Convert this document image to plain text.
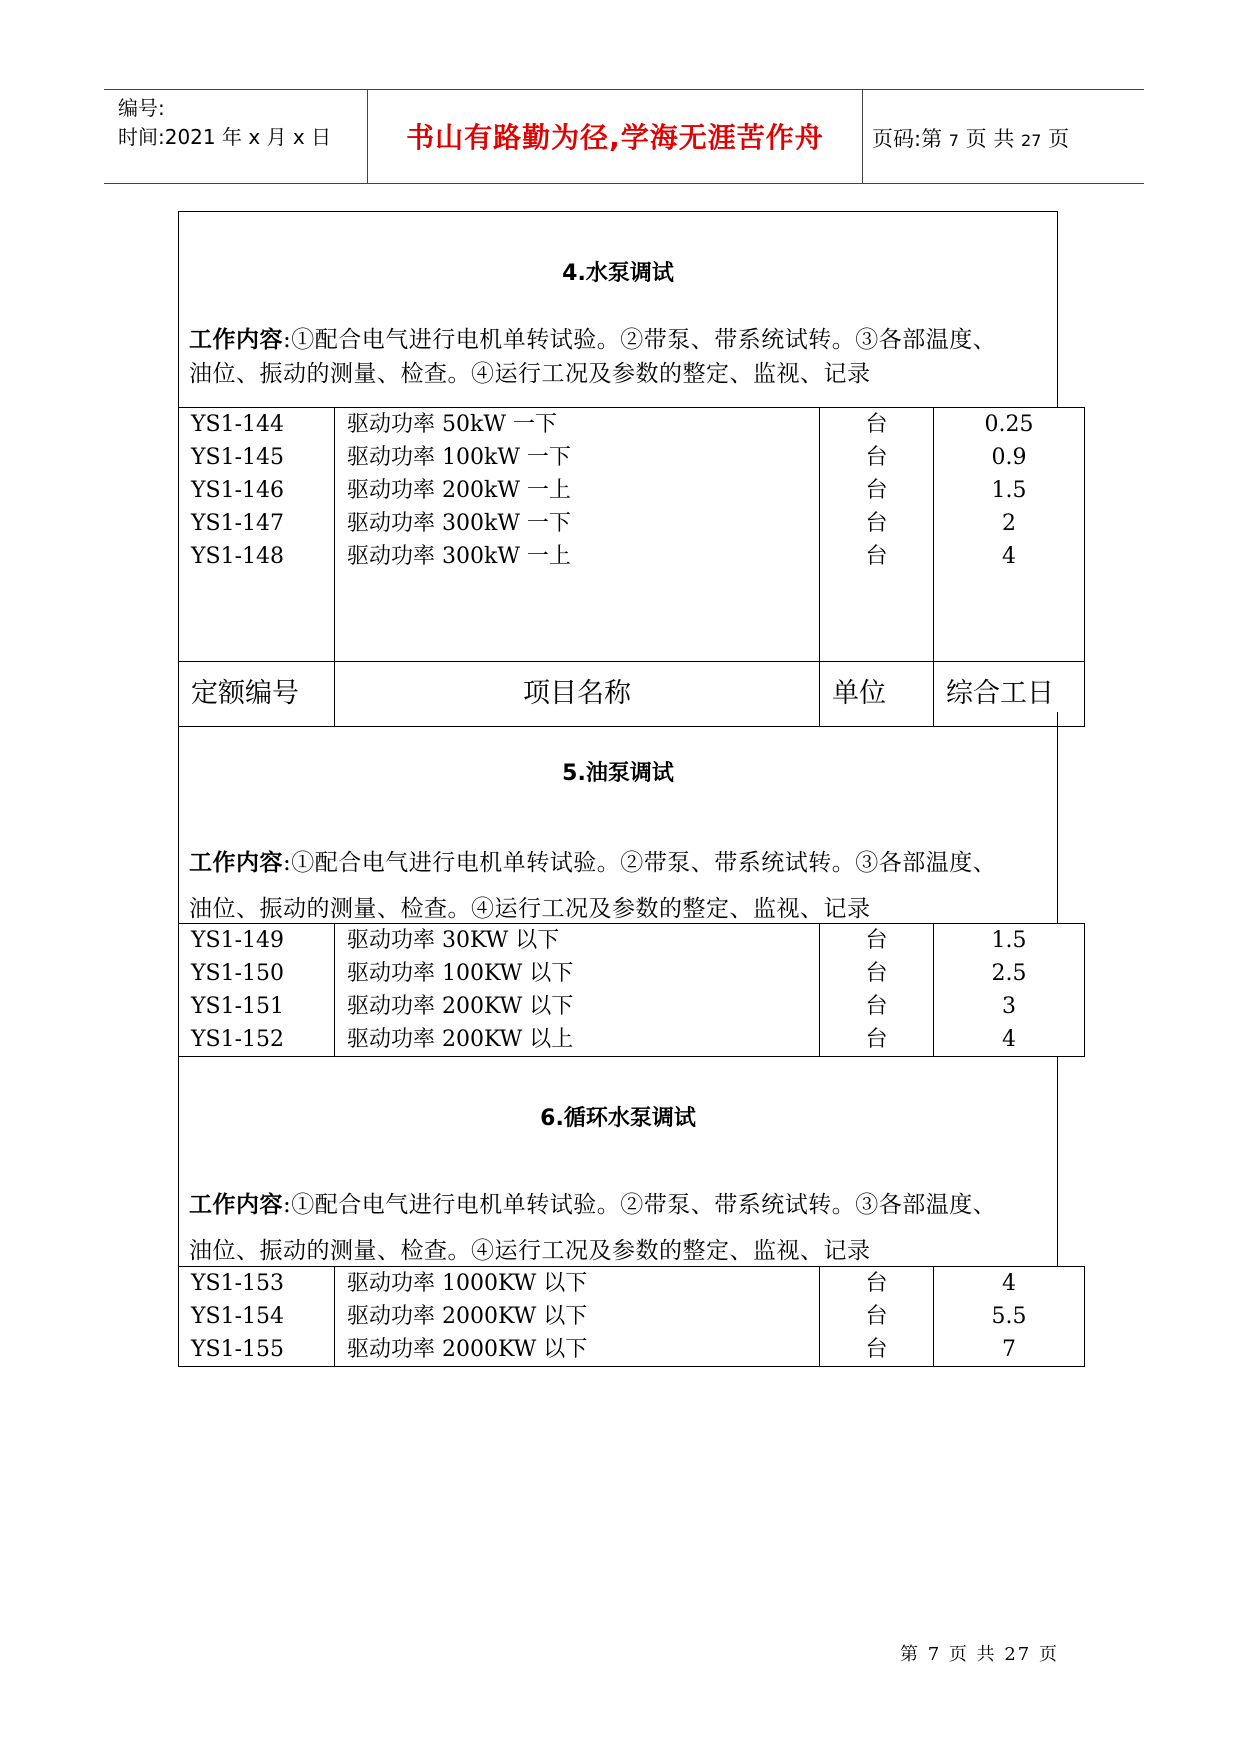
编号:
时间:2021 年 x 月 x 日	书山有路勤为径,学海无涯苦作舟	页码:第 7 页 共 27 页
4.水泵调试
工作内容:①配合电气进行电机单转试验。②带泵、带系统试转。③各部温度、
油位、振动的测量、检查。④运行工况及参数的整定、监视、记录
YS1-144	驱动功率 50kW 一下	台	0.25
YS1-145	驱动功率 100kW 一下	台	0.9
YS1-146	驱动功率 200kW 一上	台	1.5
YS1-147	驱动功率 300kW 一下	台	2
YS1-148	驱动功率 300kW 一上	台	4

定额编号	项目名称	单位	综合工日
5.油泵调试
工作内容:①配合电气进行电机单转试验。②带泵、带系统试转。③各部温度、
油位、振动的测量、检查。④运行工况及参数的整定、监视、记录
YS1-149	驱动功率 30KW 以下	台	1.5
YS1-150	驱动功率 100KW 以下	台	2.5
YS1-151	驱动功率 200KW 以下	台	3
YS1-152	驱动功率 200KW 以上	台	4
6.循环水泵调试
工作内容:①配合电气进行电机单转试验。②带泵、带系统试转。③各部温度、
油位、振动的测量、检查。④运行工况及参数的整定、监视、记录
YS1-153	驱动功率 1000KW 以下	台	4
YS1-154	驱动功率 2000KW 以下	台	5.5
YS1-155	驱动功率 2000KW 以下	台	7
第 7 页 共 27 页
